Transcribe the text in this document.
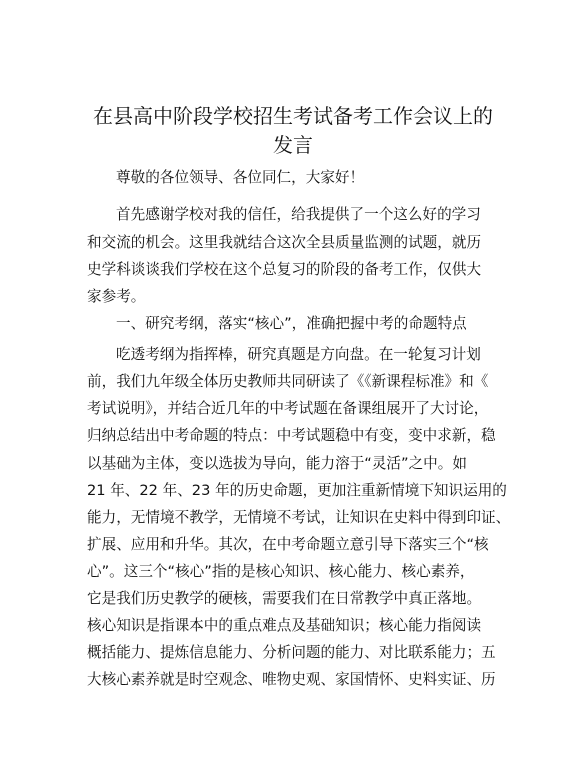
在县高中阶段学校招生考试备考工作会议上的
发言

尊敬的各位领导、各位同仁，大家好！

首先感谢学校对我的信任，给我提供了一个这么好的学习

和交流的机会。这里我就结合这次全县质量监测的试题，就历

史学科谈谈我们学校在这个总复习的阶段的备考工作，仅供大

家参考。

一、研究考纲，落实“核心”，准确把握中考的命题特点

吃透考纲为指挥棒，研究真题是方向盘。在一轮复习计划

前，我们九年级全体历史教师共同研读了《《新课程标准》和《

考试说明》，并结合近几年的中考试题在备课组展开了大讨论，

归纳总结出中考命题的特点：中考试题稳中有变，变中求新，稳

以基础为主体，变以选拔为导向，能力溶于“灵活”之中。如

21 年、22 年、23 年的历史命题，更加注重新情境下知识运用的

能力，无情境不教学，无情境不考试，让知识在史料中得到印证、

扩展、应用和升华。其次，在中考命题立意引导下落实三个“核

心”。这三个“核心”指的是核心知识、核心能力、核心素养，

它是我们历史教学的硬核，需要我们在日常教学中真正落地。

核心知识是指课本中的重点难点及基础知识；核心能力指阅读

概括能力、提炼信息能力、分析问题的能力、对比联系能力；五

大核心素养就是时空观念、唯物史观、家国情怀、史料实证、历
